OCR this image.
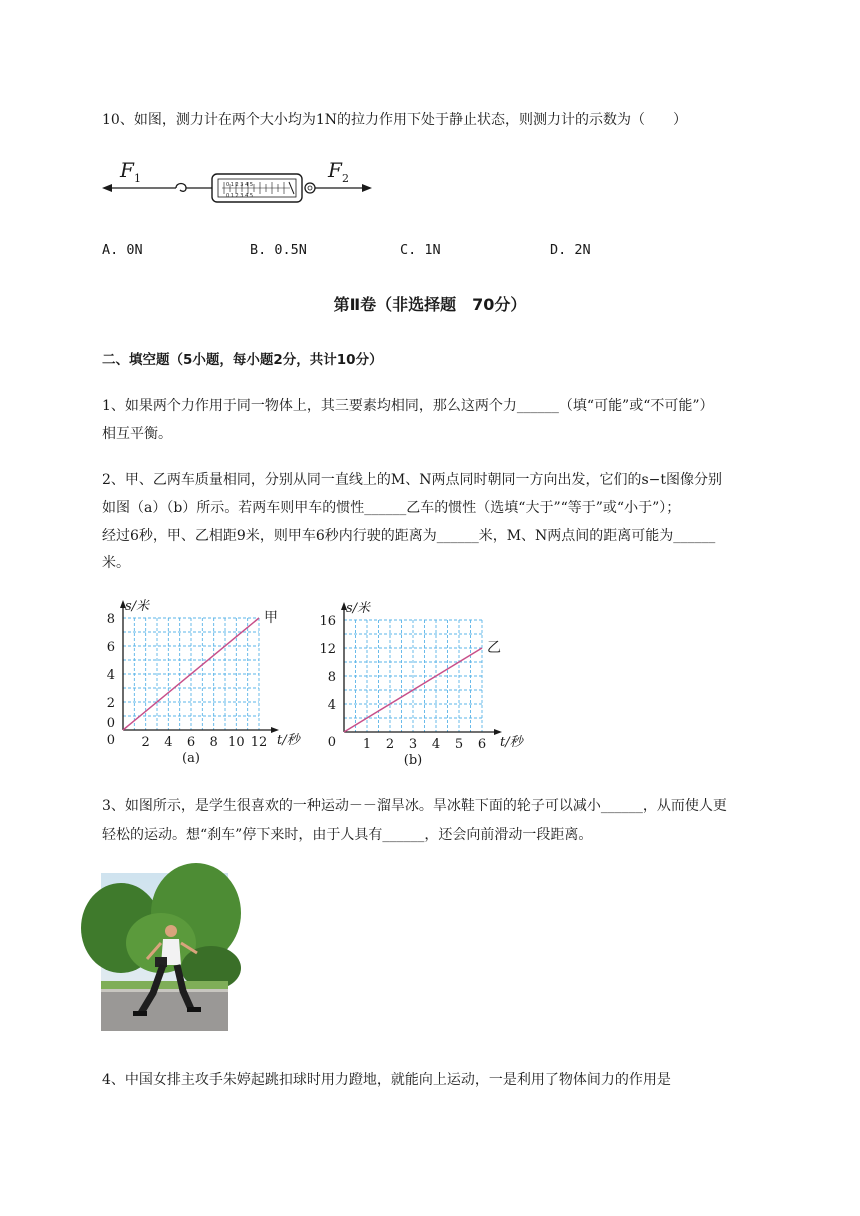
10、如图，测力计在两个大小均为1N的拉力作用下处于静止状态，则测力计的示数为（　　）
F 1	F 2
0 1 2 3 4 5
0 1 2 3 4 5
A. 0N	B. 0.5N	C. 1N	D. 2N
第Ⅱ卷（非选择题　70分）
二、填空题（5小题，每小题2分，共计10分）
1、如果两个力作用于同一物体上，其三要素均相同，那么这两个力______（填“可能”或“不可能”）
相互平衡。
2、甲、乙两车质量相同，分别从同一直线上的M、N两点同时朝同一方向出发，它们的s−t图像分别
如图（a）（b）所示。若两车则甲车的惯性______乙车的惯性（选填“大于”“等于”或“小于”）；
经过6秒，甲、乙相距9米，则甲车6秒内行驶的距离为______米，M、N两点间的距离可能为______
米。
2 4 6 8 10 12
0
2
4
6
8
0
s/米
t/秒
甲
(a)
1 2 3 4 5 6
4
8
12
16
0
s/米
t/秒
乙
(b)
3、如图所示，是学生很喜欢的一种运动－－溜旱冰。旱冰鞋下面的轮子可以减小______，从而使人更
轻松的运动。想“刹车”停下来时，由于人具有______，还会向前滑动一段距离。
4、中国女排主攻手朱婷起跳扣球时用力蹬地，就能向上运动，一是利用了物体间力的作用是
